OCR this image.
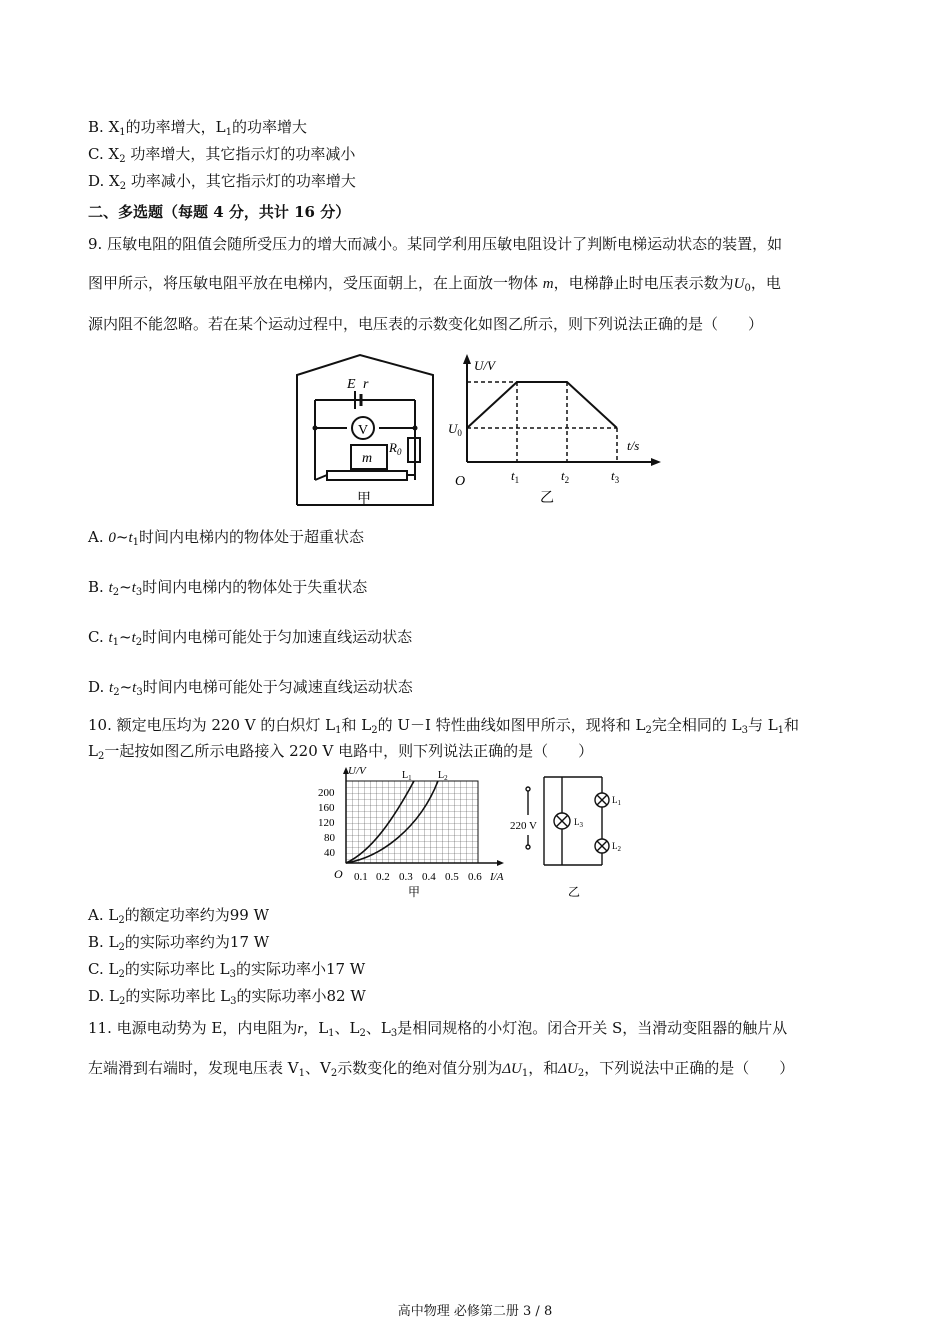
B. $X_1$的功率增大，$L_1$的功率增大
C. $X_2$ 功率增大，其它指示灯的功率减小
D. $X_2$ 功率减小，其它指示灯的功率增大
二、多选题（每题 4 分，共计 16 分）
9. 压敏电阻的阻值会随所受压力的增大而减小。某同学利用压敏电阻设计了判断电梯运动状态的装置，如
图甲所示，将压敏电阻平放在电梯内，受压面朝上，在上面放一物体 m，电梯静止时电压表示数为$U_0$，电
源内阻不能忽略。若在某个运动过程中，电压表的示数变化如图乙所示，则下列说法正确的是（　　）
E r
V
$R_0$
m
甲
U/V
t/s
$U_0$
O	$t_1$	$t_2$	$t_3$
乙
A. $0\sim t_1$时间内电梯内的物体处于超重状态
B. $t_2\sim t_3$时间内电梯内的物体处于失重状态
C. $t_1\sim t_2$时间内电梯可能处于匀加速直线运动状态
D. $t_2\sim t_3$时间内电梯可能处于匀减速直线运动状态
10. 额定电压均为 220 V 的白炽灯 $L_1$和 $L_2$的 U－I 特性曲线如图甲所示，现将和 $L_2$完全相同的 $L_3$与 $L_1$和
$L_2$一起按如图乙所示电路接入 220 V 电路中，则下列说法正确的是（　　）
U/V
200
160
120
80
40
O 0.1 0.2 0.3 0.4 0.5 0.6 I/A
$L_1$	$L_2$
甲
220 V	$L_3$
$L_1$
$L_2$
乙
A. $L_2$的额定功率约为99 W
B. $L_2$的实际功率约为17 W
C. $L_2$的实际功率比 $L_3$的实际功率小17 W
D. $L_2$的实际功率比 $L_3$的实际功率小82 W
11. 电源电动势为 E，内电阻为r，$L_1$、$L_2$、$L_3$是相同规格的小灯泡。闭合开关 S，当滑动变阻器的触片从
左端滑到右端时，发现电压表 $V_1$、$V_2$示数变化的绝对值分别为$\Delta U_1$，和$\Delta U_2$，下列说法中正确的是（　　）
高中物理 必修第二册 3 / 8
